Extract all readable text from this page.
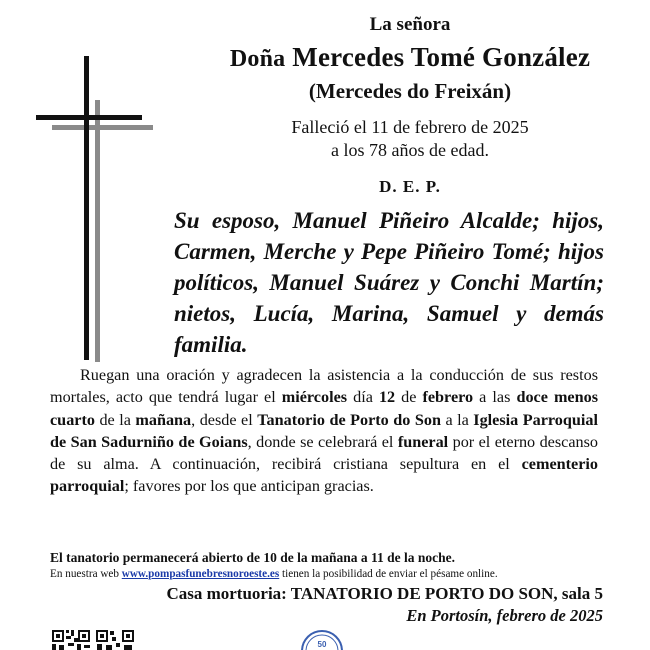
La señora
Doña Mercedes Tomé González
(Mercedes do Freixán)
Falleció el 11 de febrero de 2025
a los 78 años de edad.
D. E. P.
Su esposo, Manuel Piñeiro Alcalde; hijos, Carmen, Merche y Pepe Piñeiro Tomé; hijos políticos, Manuel Suárez y Conchi Martín; nietos, Lucía, Marina, Samuel y demás familia.
Ruegan una oración y agradecen la asistencia a la conducción de sus restos mortales, acto que tendrá lugar el miércoles día 12 de febrero a las doce menos cuarto de la mañana, desde el Tanatorio de Porto do Son a la Iglesia Parroquial de San Sadurniño de Goians, donde se celebrará el funeral por el eterno descanso de su alma. A continuación, recibirá cristiana sepultura en el cementerio parroquial; favores por los que anticipan gracias.
El tanatorio permanecerá abierto de 10 de la mañana a 11 de la noche.
En nuestra web www.pompasfunebresnoroeste.es tienen la posibilidad de enviar el pésame online.
Casa mortuoria: TANATORIO DE PORTO DO SON, sala 5
En Portosín, febrero de 2025
50
